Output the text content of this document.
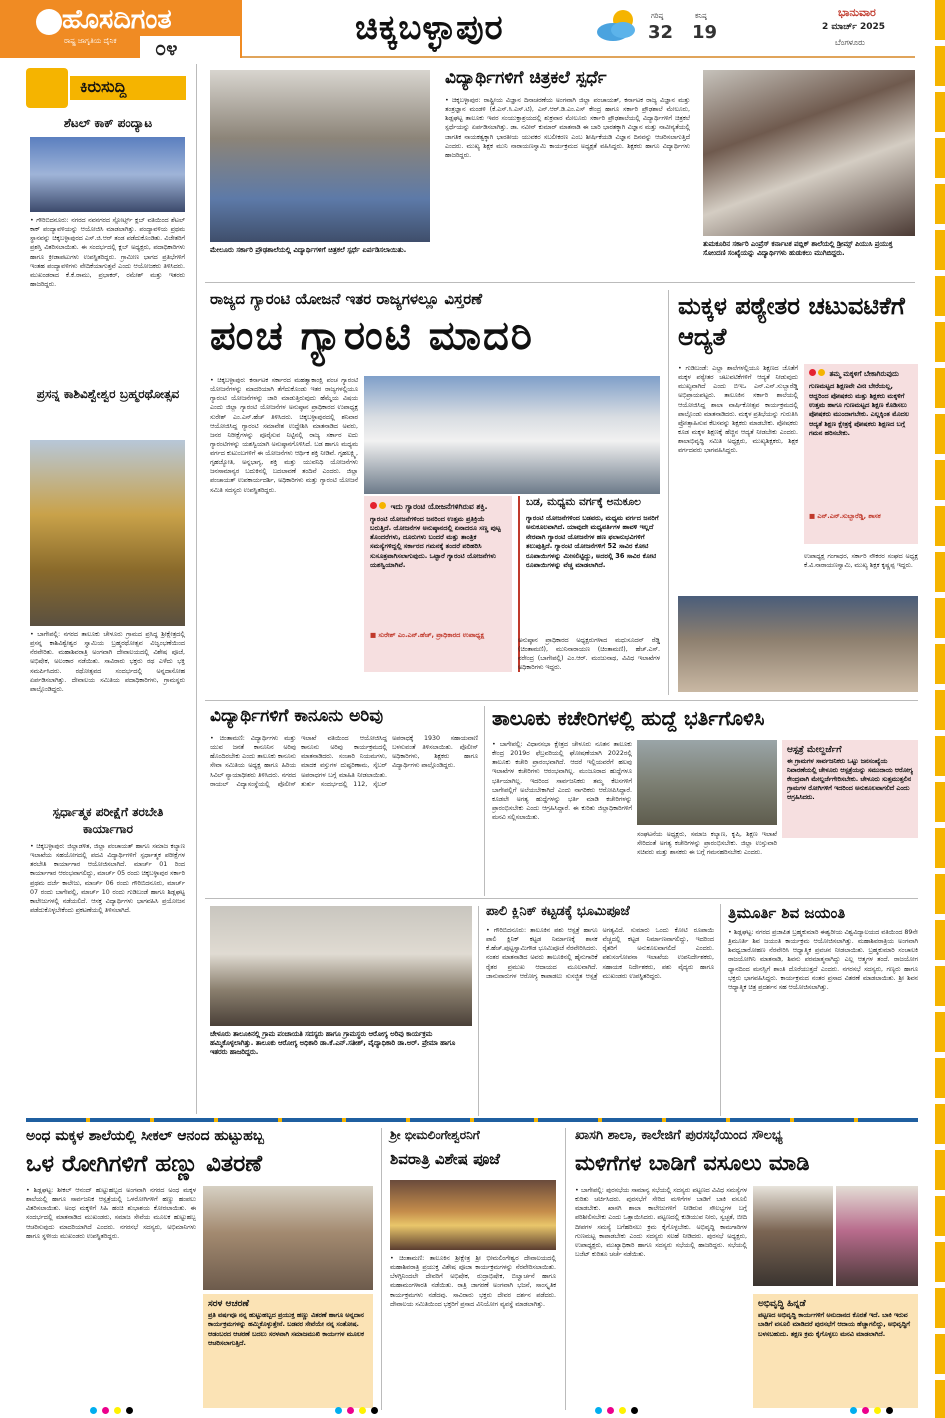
ಹೊಸದಿಗಂತ
ರಾಷ್ಟ್ರ ಜಾಗೃತಿಯ ದೈನಿಕ ೦೪	ಚಿಕ್ಕಬಳ್ಳಾಪುರ	ಗರಿಷ್ಠ
32
ಕನಿಷ್ಠ
19
ಭಾನುವಾರ
2 ಮಾರ್ಚ್ 2025
ಬೆಂಗಳೂರು
ಕಿರುಸುದ್ದಿ
ಶೆಟಲ್ ಕಾಕ್ ಪಂದ್ಯಾಟ
• ಗೌರಿಬಿದನೂರು: ನಗರದ ನವನಗರದ ಸ್ಪೋರ್ಟ್ಸ್ ಕ್ಲಬ್ ವತಿಯಿಂದ ಶೆಟಲ್ ಕಾಕ್ ಪಂದ್ಯಾವಳಿಯನ್ನು ಆಯೋಜಿಸಿ ಮಾಡಲಾಗಿತ್ತು. ಪಂದ್ಯಾವಳಿಯ ಪ್ರಥಮ ಸ್ಥಾನವನ್ನು ಚಿಕ್ಕಬಳ್ಳಾಪುರದ ಎಸ್.ಜಿ.ಆರ್ ತಂಡ ಪಡೆದುಕೊಂಡಿತು. ವಿಜೇತರಿಗೆ ಪ್ರಶಸ್ತಿ ವಿತರಿಸಲಾಯಿತು. ಈ ಸಂದರ್ಭದಲ್ಲಿ ಕ್ಲಬ್ ಅಧ್ಯಕ್ಷರು, ಪದಾಧಿಕಾರಿಗಳು ಹಾಗೂ ಕ್ರೀಡಾಪಟುಗಳು ಉಪಸ್ಥಿತರಿದ್ದರು. ಗ್ರಾಮೀಣ ಭಾಗದ ಪ್ರತಿಭೆಗಳಿಗೆ ಇಂತಹ ಪಂದ್ಯಾವಳಿಗಳು ವೇದಿಕೆಯಾಗುತ್ತವೆ ಎಂದು ಆಯೋಜಕರು ತಿಳಿಸಿದರು. ಮುಖಂಡರಾದ ಕೆ.ಕೆ.ರಾಮು, ಪ್ರಭಾಕರ್, ರಮೇಶ್ ಮತ್ತು ಇತರರು ಹಾಜರಿದ್ದರು.
ಪ್ರಸನ್ನ ಕಾಶಿವಿಶ್ವೇಶ್ವರ ಬ್ರಹ್ಮರಥೋತ್ಸವ
• ಬಾಗೇಪಲ್ಲಿ: ನಗರದ ತಾಲೂಕು ಚೇಳೂರು ಗ್ರಾಮದ ಪ್ರಸಿದ್ಧ ಶ್ರೀಕ್ಷೇತ್ರದಲ್ಲಿ ಪ್ರಸನ್ನ ಕಾಶಿವಿಶ್ವೇಶ್ವರ ಸ್ವಾಮಿಯ ಬ್ರಹ್ಮರಥೋತ್ಸವ ವಿಜೃಂಭಣೆಯಿಂದ ನೆರವೇರಿತು. ಮಹಾಶಿವರಾತ್ರಿ ಅಂಗವಾಗಿ ದೇವಾಲಯದಲ್ಲಿ ವಿಶೇಷ ಪೂಜೆ, ಅಭಿಷೇಕ, ಅಲಂಕಾರ ನಡೆಯಿತು. ಸಾವಿರಾರು ಭಕ್ತರು ರಥ ಎಳೆದು ಭಕ್ತಿ ಸಮರ್ಪಿಸಿದರು. ರಥೋತ್ಸವದ ಸಂದರ್ಭದಲ್ಲಿ ಅನ್ನದಾಸೋಹ ಏರ್ಪಡಿಸಲಾಗಿತ್ತು. ದೇವಾಲಯ ಸಮಿತಿಯ ಪದಾಧಿಕಾರಿಗಳು, ಗ್ರಾಮಸ್ಥರು ಪಾಲ್ಗೊಂಡಿದ್ದರು.
ಸ್ಪರ್ಧಾತ್ಮಕ ಪರೀಕ್ಷೆಗೆ ತರಬೇತಿ ಕಾರ್ಯಾಗಾರ
• ಚಿಕ್ಕಬಳ್ಳಾಪುರ: ಜಿಲ್ಲಾಡಳಿತ, ಜಿಲ್ಲಾ ಪಂಚಾಯತ್ ಹಾಗೂ ಸಮಾಜ ಕಲ್ಯಾಣ ಇಲಾಖೆಯ ಸಹಯೋಗದಲ್ಲಿ ಪದವಿ ವಿದ್ಯಾರ್ಥಿಗಳಿಗೆ ಸ್ಪರ್ಧಾತ್ಮಕ ಪರೀಕ್ಷೆಗಳ ತರಬೇತಿ ಕಾರ್ಯಾಗಾರ ಆಯೋಜಿಸಲಾಗಿದೆ. ಮಾರ್ಚ್ 01 ರಿಂದ ಕಾರ್ಯಾಗಾರ ಆರಂಭವಾಗಲಿದ್ದು, ಮಾರ್ಚ್ 05 ರಂದು ಚಿಕ್ಕಬಳ್ಳಾಪುರ ಸರ್ಕಾರಿ ಪ್ರಥಮ ದರ್ಜೆ ಕಾಲೇಜು, ಮಾರ್ಚ್ 06 ರಂದು ಗೌರಿಬಿದನೂರು, ಮಾರ್ಚ್ 07 ರಂದು ಬಾಗೇಪಲ್ಲಿ, ಮಾರ್ಚ್ 10 ರಂದು ಗುಡಿಬಂಡೆ ಹಾಗೂ ಶಿಡ್ಲಘಟ್ಟ ಕಾಲೇಜುಗಳಲ್ಲಿ ನಡೆಯಲಿದೆ. ಆಸಕ್ತ ವಿದ್ಯಾರ್ಥಿಗಳು ಭಾಗವಹಿಸಿ ಪ್ರಯೋಜನ ಪಡೆದುಕೊಳ್ಳಬೇಕೆಂದು ಪ್ರಕಟಣೆಯಲ್ಲಿ ತಿಳಿಸಲಾಗಿದೆ.
ಮೇಲೂರು ಸರ್ಕಾರಿ ಪ್ರೌಢಶಾಲೆಯಲ್ಲಿ ವಿದ್ಯಾರ್ಥಿಗಳಿಗೆ ಚಿತ್ರಕಲೆ ಸ್ಪರ್ಧೆ ಏರ್ಪಡಿಸಲಾಯಿತು.
ವಿದ್ಯಾರ್ಥಿಗಳಿಗೆ ಚಿತ್ರಕಲೆ ಸ್ಪರ್ಧೆ
• ಚಿಕ್ಕಬಳ್ಳಾಪುರ: ರಾಷ್ಟ್ರೀಯ ವಿಜ್ಞಾನ ದಿನಾಚರಣೆಯ ಅಂಗವಾಗಿ ಜಿಲ್ಲಾ ಪಂಚಾಯತ್, ಕರ್ನಾಟಕ ರಾಜ್ಯ ವಿಜ್ಞಾನ ಮತ್ತು ತಂತ್ರಜ್ಞಾನ ಮಂಡಳಿ (ಕೆ.ಎಸ್.ಸಿ.ಎಸ್.ಟಿ), ಎನ್.ಆರ್.ಡಿ.ಎಂ.ಎಸ್ ಕೇಂದ್ರ ಹಾಗೂ ಸರ್ಕಾರಿ ಪ್ರೌಢಶಾಲೆ ಮೇಲೂರು, ಶಿಡ್ಲಘಟ್ಟ ತಾಲೂಕು ಇವರ ಸಂಯುಕ್ತಾಶ್ರಯದಲ್ಲಿ ಶುಕ್ರವಾರ ಮೇಲೂರು ಸರ್ಕಾರಿ ಪ್ರೌಢಶಾಲೆಯಲ್ಲಿ ವಿದ್ಯಾರ್ಥಿಗಳಿಗೆ ಚಿತ್ರಕಲೆ ಸ್ಪರ್ಧೆಯನ್ನು ಏರ್ಪಡಿಸಲಾಗಿತ್ತು. ಡಾ. ನವೀನ್ ಕುಮಾರ್ ಮಾತನಾಡಿ ಈ ಬಾರಿ ಭಾರತಕ್ಕಾಗಿ ವಿಜ್ಞಾನ ಮತ್ತು ನಾವೀನ್ಯತೆಯಲ್ಲಿ ಜಾಗತಿಕ ನಾಯಕತ್ವಕ್ಕಾಗಿ ಭಾರತೀಯ ಯುವಕರ ಸಬಲೀಕರಣ ಎಂಬ ಶೀರ್ಷಿಕೆಯಡಿ ವಿಜ್ಞಾನ ದಿನವನ್ನು ಆಚರಿಸಲಾಗುತ್ತಿದೆ ಎಂದರು. ಮುಖ್ಯ ಶಿಕ್ಷಕ ಮುನಿ ನಾರಾಯಣಸ್ವಾಮಿ ಕಾರ್ಯಕ್ರಮದ ಅಧ್ಯಕ್ಷತೆ ವಹಿಸಿದ್ದರು. ಶಿಕ್ಷಕರು ಹಾಗೂ ವಿದ್ಯಾರ್ಥಿಗಳು ಹಾಜರಿದ್ದರು.
ತುಮಕೂರಿನ ಸರ್ಕಾರಿ ಎಂಪ್ರೆಸ್ ಕರ್ನಾಟಕ ಪಬ್ಲಿಕ್ ಶಾಲೆಯಲ್ಲಿ ಡ್ರೀಮ್ಸ್ ಪಿಯುಸಿ ಪ್ರಯುಕ್ತ ಸೋಂದಣಿ ಸಂಖ್ಯೆಯನ್ನು ವಿದ್ಯಾರ್ಥಿಗಳು ಹುಡುಕಲು ಮುಗಿಬಿದ್ದರು.
ರಾಜ್ಯದ ಗ್ಯಾರಂಟಿ ಯೋಜನೆ ಇತರ ರಾಜ್ಯಗಳಲ್ಲೂ ವಿಸ್ತರಣೆ
ಪಂಚ ಗ್ಯಾರಂಟಿ ಮಾದರಿ
• ಚಿಕ್ಕಬಳ್ಳಾಪುರ: ಕರ್ನಾಟಕ ಸರ್ಕಾರದ ಮಹತ್ವಾಕಾಂಕ್ಷಿ ಪಂಚ ಗ್ಯಾರಂಟಿ ಯೋಜನೆಗಳನ್ನು ಮಾದರಿಯಾಗಿ ತೆಗೆದುಕೊಂಡು ಇತರ ರಾಜ್ಯಗಳಲ್ಲಿಯೂ ಗ್ಯಾರಂಟಿ ಯೋಜನೆಗಳನ್ನು ಜಾರಿ ಮಾಡುತ್ತಿರುವುದು ಹೆಮ್ಮೆಯ ವಿಷಯ ಎಂದು ಜಿಲ್ಲಾ ಗ್ಯಾರಂಟಿ ಯೋಜನೆಗಳ ಅನುಷ್ಠಾನ ಪ್ರಾಧಿಕಾರದ ಉಪಾಧ್ಯಕ್ಷ ಸುರೇಶ್ ಎಂ.ಎನ್.ಹೆಚ್ ತಿಳಿಸಿದರು. ಚಿಕ್ಕಬಳ್ಳಾಪುರದಲ್ಲಿ ಶನಿವಾರ ಆಯೋಜಿಸಿದ್ದ ಗ್ಯಾರಂಟಿ ಸಮಾವೇಶ ಉದ್ದೇಶಿಸಿ ಮಾತನಾಡಿದ ಅವರು, ಜನರ ನಿರೀಕ್ಷೆಗಳನ್ನು ಪೂರೈಸುವ ನಿಟ್ಟಿನಲ್ಲಿ ರಾಜ್ಯ ಸರ್ಕಾರ ಐದು ಗ್ಯಾರಂಟಿಗಳನ್ನು ಯಶಸ್ವಿಯಾಗಿ ಅನುಷ್ಠಾನಗೊಳಿಸಿದೆ. ಬಡ ಹಾಗೂ ಮಧ್ಯಮ ವರ್ಗದ ಕುಟುಂಬಗಳಿಗೆ ಈ ಯೋಜನೆಗಳು ಆರ್ಥಿಕ ಶಕ್ತಿ ನೀಡಿವೆ. ಗೃಹಲಕ್ಷ್ಮಿ, ಗೃಹಜ್ಯೋತಿ, ಅನ್ನಭಾಗ್ಯ, ಶಕ್ತಿ ಮತ್ತು ಯುವನಿಧಿ ಯೋಜನೆಗಳು ಜನಸಾಮಾನ್ಯರ ಬದುಕಿನಲ್ಲಿ ಬದಲಾವಣೆ ತಂದಿವೆ ಎಂದರು. ಜಿಲ್ಲಾ ಪಂಚಾಯತ್ ಉಪಕಾರ್ಯದರ್ಶಿ, ಅಧಿಕಾರಿಗಳು ಮತ್ತು ಗ್ಯಾರಂಟಿ ಯೋಜನೆ ಸಮಿತಿ ಸದಸ್ಯರು ಉಪಸ್ಥಿತರಿದ್ದರು.
ಇದು ಗ್ಯಾರಂಟಿ ಯೋಜನೆಗಳಿಗಿರುವ ಶಕ್ತಿ.
ಗ್ಯಾರಂಟಿ ಯೋಜನೆಗಳಿಂದ ಜನರಿಂದ ಉತ್ತಮ ಪ್ರತಿಕ್ರಿಯೆ ಬರುತ್ತಿದೆ. ಯೋಜನೆಗಳ ಅನುಷ್ಠಾನದಲ್ಲಿ ಏನಾದರೂ ಸಣ್ಣ ಪುಟ್ಟ ತೊಂದರೆಗಳು, ದೂರುಗಳು ಬಂದರೆ ಮತ್ತು ತಾಂತ್ರಿಕ ಸಮಸ್ಯೆಗಳಿದ್ದಲ್ಲಿ ಸರ್ಕಾರದ ಗಮನಕ್ಕೆ ತಂದರೆ ಪರಿಹರಿಸಿ ಸುಸೂತ್ರವಾಗಿಸಲಾಗುವುದು. ಒಟ್ಟಾರೆ ಗ್ಯಾರಂಟಿ ಯೋಜನೆಗಳು ಯಶಸ್ವಿಯಾಗಿವೆ.
■ ಸುರೇಶ್ ಎಂ.ಎನ್.ಹೆಚ್, ಪ್ರಾಧಿಕಾರದ ಉಪಾಧ್ಯಕ್ಷ
ಬಡ, ಮಧ್ಯಮ ವರ್ಗಕ್ಕೆ ಅನುಕೂಲ
ಗ್ಯಾರಂಟಿ ಯೋಜನೆಗಳಿಂದ ಬಡವರು, ಮಧ್ಯಮ ವರ್ಗದ ಜನರಿಗೆ ಅನುಕೂಲವಾಗಿದೆ. ಯಾವುದೇ ಮಧ್ಯವರ್ತಿಗಳ ಹಾವಳಿ ಇಲ್ಲದೆ ನೇರವಾಗಿ ಗ್ಯಾರಂಟಿ ಯೋಜನೆಗಳ ಹಣ ಫಲಾನುಭವಿಗಳಿಗೆ ತಲುಪುತ್ತಿದೆ. ಗ್ಯಾರಂಟಿ ಯೋಜನೆಗಳಿಗೆ 52 ಸಾವಿರ ಕೋಟಿ ರೂಪಾಯಿಗಳನ್ನು ಮೀಸಲಿಟ್ಟಿದ್ದು, ಅದರಲ್ಲಿ 36 ಸಾವಿರ ಕೋಟಿ ರೂಪಾಯಿಗಳನ್ನು ವೆಚ್ಚ ಮಾಡಲಾಗಿದೆ.
ಅನುಷ್ಠಾನ ಪ್ರಾಧಿಕಾರದ ಅಧ್ಯಕ್ಷರುಗಳಾದ ಮಧುಸೂದನ್ ರೆಡ್ಡಿ (ಚಿಂತಾಮಣಿ), ಮುನಿನಾರಾಯಣ (ಚಿಂತಾಮಣಿ), ಹೆಚ್.ಎಸ್. ನರೇಂದ್ರ (ಬಾಗೇಪಲ್ಲಿ) ಎಂ.ಆರ್. ಮಂಜುನಾಥ, ವಿವಿಧ ಇಲಾಖೆಗಳ ಅಧಿಕಾರಿಗಳು ಇದ್ದರು.
ಮಕ್ಕಳ ಪಠ್ಯೇತರ ಚಟುವಟಿಕೆಗೆ ಆದ್ಯತೆ
• ಗುಡಿಬಂಡೆ: ಎಲ್ಲಾ ಶಾಲೆಗಳಲ್ಲಿಯೂ ಶಿಕ್ಷಣದ ಜೊತೆಗೆ ಮಕ್ಕಳ ಪಠ್ಯೇತರ ಚಟುವಟಿಕೆಗಳಿಗೆ ಆದ್ಯತೆ ನೀಡುವುದು ಮುಖ್ಯವಾಗಿದೆ ಎಂದು ಬಿಇಒ ಎನ್.ಎನ್.ಸುಬ್ಬಾರೆಡ್ಡಿ ಅಭಿಪ್ರಾಯಪಟ್ಟರು. ತಾಲೂಕಿನ ಸರ್ಕಾರಿ ಶಾಲೆಯಲ್ಲಿ ಆಯೋಜಿಸಿದ್ದ ಶಾಲಾ ವಾರ್ಷಿಕೋತ್ಸವ ಕಾರ್ಯಕ್ರಮದಲ್ಲಿ ಪಾಲ್ಗೊಂಡು ಮಾತನಾಡಿದರು. ಮಕ್ಕಳ ಪ್ರತಿಭೆಯನ್ನು ಗುರುತಿಸಿ ಪ್ರೋತ್ಸಾಹಿಸುವ ಕೆಲಸವನ್ನು ಶಿಕ್ಷಕರು ಮಾಡಬೇಕು. ಪೋಷಕರು ಕೂಡ ಮಕ್ಕಳ ಶಿಕ್ಷಣಕ್ಕೆ ಹೆಚ್ಚಿನ ಆದ್ಯತೆ ನೀಡಬೇಕು ಎಂದರು. ಶಾಲಾಭಿವೃದ್ಧಿ ಸಮಿತಿ ಅಧ್ಯಕ್ಷರು, ಮುಖ್ಯಶಿಕ್ಷಕರು, ಶಿಕ್ಷಕ ವರ್ಗದವರು ಭಾಗವಹಿಸಿದ್ದರು.
ತಮ್ಮ ಮಕ್ಕಳಿಗೆ ಬೇಕಾಗಿರುವುದು
ಗುಣಮಟ್ಟದ ಶಿಕ್ಷಣವೇ ವಿನಃ ಬೇರೆಯಲ್ಲ, ಆದ್ದರಿಂದ ಪೋಷಕರು ಮತ್ತು ಶಿಕ್ಷಕರು ಮಕ್ಕಳಿಗೆ ಉತ್ತಮ ಹಾಗೂ ಗುಣಮಟ್ಟದ ಶಿಕ್ಷಣ ಕೊಡಿಸಲು ಪೋಷಕರು ಮುಂದಾಗಬೇಕು. ಎಲ್ಲಕ್ಕಿಂತ ಮೊದಲ ಆದ್ಯತೆ ಶಿಕ್ಷಣ ಕ್ಷೇತ್ರಕ್ಕೆ ಪೋಷಕರು ಶಿಕ್ಷಣದ ಬಗ್ಗೆ ಗಮನ ಹರಿಸಬೇಕು.
■ ಎನ್.ಎನ್.ಸುಬ್ಬಾರೆಡ್ಡಿ, ಶಾಸಕ
ಉಪಾಧ್ಯಕ್ಷ ಗಂಗಾಧರ, ಸರ್ಕಾರಿ ನೌಕರರ ಸಂಘದ ಅಧ್ಯಕ್ಷ ಕೆ.ವಿ.ನಾರಾಯಣಸ್ವಾಮಿ, ಮುಖ್ಯ ಶಿಕ್ಷಕ ಕೃಷ್ಣಪ್ಪ ಇದ್ದರು.
ವಿದ್ಯಾರ್ಥಿಗಳಿಗೆ ಕಾನೂನು ಅರಿವು
• ಚಿಂತಾಮಣಿ: ವಿದ್ಯಾರ್ಥಿಗಳು ಮತ್ತು ಯುವ ಜನತೆ ಕಾನೂನಿನ ಅರಿವು ಹೊಂದಿರಬೇಕು ಎಂದು ತಾಲೂಕು ಕಾನೂನು ಸೇವಾ ಸಮಿತಿಯ ಅಧ್ಯಕ್ಷ ಹಾಗೂ ಹಿರಿಯ ಸಿವಿಲ್ ನ್ಯಾಯಾಧೀಶರು ತಿಳಿಸಿದರು. ನಗರದ ರಾಯಲ್ ವಿದ್ಯಾಸಂಸ್ಥೆಯಲ್ಲಿ ಪೊಲೀಸ್ ಇಲಾಖೆ ವತಿಯಿಂದ ಆಯೋಜಿಸಿದ್ದ ಕಾನೂನು ಅರಿವು ಕಾರ್ಯಕ್ರಮದಲ್ಲಿ ಮಾತನಾಡಿದರು. ಸಂಚಾರಿ ನಿಯಮಗಳು, ಮಾದಕ ವಸ್ತುಗಳ ದುಷ್ಪರಿಣಾಮ, ಸೈಬರ್ ಅಪರಾಧಗಳ ಬಗ್ಗೆ ಮಾಹಿತಿ ನೀಡಲಾಯಿತು. ತುರ್ತು ಸಂದರ್ಭದಲ್ಲಿ 112, ಸೈಬರ್ ಅಪರಾಧಕ್ಕೆ 1930 ಸಹಾಯವಾಣಿ ಬಳಸುವಂತೆ ತಿಳಿಸಲಾಯಿತು. ಪೊಲೀಸ್ ಅಧಿಕಾರಿಗಳು, ಶಿಕ್ಷಕರು ಹಾಗೂ ವಿದ್ಯಾರ್ಥಿಗಳು ಪಾಲ್ಗೊಂಡಿದ್ದರು.
ತಾಲೂಕು ಕಚೇರಿಗಳಲ್ಲಿ ಹುದ್ದೆ ಭರ್ತಿಗೊಳಿಸಿ
• ಬಾಗೇಪಲ್ಲಿ: ವಿಧಾನಸಭಾ ಕ್ಷೇತ್ರದ ಚೇಳೂರು ನೂತನ ತಾಲೂಕು ಕೇಂದ್ರ 2019ರ ಫೆಬ್ರವರಿಯಲ್ಲಿ ಘೋಷಣೆಯಾಗಿ 2022ರಲ್ಲಿ ತಾಲೂಕು ಕಚೇರಿ ಪ್ರಾರಂಭವಾಗಿದೆ. ಆದರೆ ಇಲ್ಲಿಯವರೆಗೆ ಹಲವು ಇಲಾಖೆಗಳ ಕಚೇರಿಗಳು ಆರಂಭವಾಗಿಲ್ಲ. ಮಂಜೂರಾದ ಹುದ್ದೆಗಳೂ ಭರ್ತಿಯಾಗಿಲ್ಲ. ಇದರಿಂದ ಸಾರ್ವಜನಿಕರು ತಮ್ಮ ಕೆಲಸಗಳಿಗೆ ಬಾಗೇಪಲ್ಲಿಗೆ ಅಲೆಯಬೇಕಾಗಿದೆ ಎಂದು ನಾಗರಿಕರು ಆರೋಪಿಸಿದ್ದಾರೆ. ಕೂಡಲೇ ಅಗತ್ಯ ಹುದ್ದೆಗಳನ್ನು ಭರ್ತಿ ಮಾಡಿ ಕಚೇರಿಗಳನ್ನು ಪ್ರಾರಂಭಿಸಬೇಕು ಎಂದು ಆಗ್ರಹಿಸಿದ್ದಾರೆ. ಈ ಕುರಿತು ಜಿಲ್ಲಾಧಿಕಾರಿಗಳಿಗೆ ಮನವಿ ಸಲ್ಲಿಸಲಾಯಿತು.
ಸಂಘಟನೆಯ ಅಧ್ಯಕ್ಷರು, ಸಮಾಜ ಕಲ್ಯಾಣ, ಕೃಷಿ, ಶಿಕ್ಷಣ ಇಲಾಖೆ ಸೇರಿದಂತೆ ಅಗತ್ಯ ಕಚೇರಿಗಳನ್ನು ಪ್ರಾರಂಭಿಸಬೇಕು. ಜಿಲ್ಲಾ ಉಸ್ತುವಾರಿ ಸಚಿವರು ಮತ್ತು ಶಾಸಕರು ಈ ಬಗ್ಗೆ ಗಮನಹರಿಸಬೇಕು ಎಂದರು.
ಆಸ್ಪತ್ರೆ ಮೇಲ್ದರ್ಜೆಗೆ
ಈ ಗ್ರಾಮಗಳ ಸಾರ್ವಜನಿಕರು ಒಟ್ಟು ಜನಸಂಖ್ಯೆಯ ನಿವಾರಣೆಯಲ್ಲಿ ಚೇಳೂರು ಆಸ್ಪತ್ರೆಯನ್ನು ಸಮುದಾಯ ಆರೋಗ್ಯ ಕೇಂದ್ರವಾಗಿ ಮೇಲ್ದರ್ಜೆಗೇರಿಸಬೇಕು. ಚೇಳೂರು ಸುತ್ತಮುತ್ತಲಿನ ಗ್ರಾಮಗಳ ರೋಗಿಗಳಿಗೆ ಇದರಿಂದ ಅನುಕೂಲವಾಗಲಿದೆ ಎಂದು ಆಗ್ರಹಿಸಿದರು.
ಚೇಳೂರು ತಾಲೂಕಿನಲ್ಲಿ ಗ್ರಾಮ ಪಂಚಾಯತಿ ಸದಸ್ಯರು ಹಾಗೂ ಗ್ರಾಮಸ್ಥರು ಆರೋಗ್ಯ ಅರಿವು ಕಾರ್ಯಕ್ರಮ ಹಮ್ಮಿಕೊಳ್ಳಲಾಗಿತ್ತು. ತಾಲೂಕು ಆರೋಗ್ಯ ಅಧಿಕಾರಿ ಡಾ.ಕೆ.ಎನ್.ಸತೀಶ್, ವೈದ್ಯಾಧಿಕಾರಿ ಡಾ.ಅರ್. ಪ್ರೇಮಾ ಹಾಗೂ ಇತರರು ಹಾಜರಿದ್ದರು.
ಪಾಲಿ ಕ್ಲಿನಿಕ್ ಕಟ್ಟಡಕ್ಕೆ ಭೂಮಿಪೂಜೆ
• ಗೌರಿಬಿದನೂರು: ತಾಲೂಕಿನ ಪಶು ಆಸ್ಪತ್ರೆ ಹಾಗೂ ಪಾಲಿ ಕ್ಲಿನಿಕ್ ಕಟ್ಟಡ ನಿರ್ಮಾಣಕ್ಕೆ ಶಾಸಕ ಕೆ.ಹೆಚ್.ಪುಟ್ಟಸ್ವಾಮಿಗೌಡ ಭೂಮಿಪೂಜೆ ನೆರವೇರಿಸಿದರು. ನಂತರ ಮಾತನಾಡಿದ ಅವರು ತಾಲೂಕಿನಲ್ಲಿ ಹೈನುಗಾರಿಕೆ ರೈತರ ಪ್ರಮುಖ ಆದಾಯದ ಮೂಲವಾಗಿದೆ. ಜಾನುವಾರುಗಳ ಆರೋಗ್ಯ ಕಾಪಾಡಲು ಸುಸಜ್ಜಿತ ಆಸ್ಪತ್ರೆ ಅಗತ್ಯವಿದೆ. ಸುಮಾರು ಒಂದು ಕೋಟಿ ರೂಪಾಯಿ ವೆಚ್ಚದಲ್ಲಿ ಕಟ್ಟಡ ನಿರ್ಮಾಣವಾಗಲಿದ್ದು, ಇದರಿಂದ ರೈತರಿಗೆ ಅನುಕೂಲವಾಗಲಿದೆ ಎಂದರು. ಪಶುಸಂಗೋಪನಾ ಇಲಾಖೆಯ ಉಪನಿರ್ದೇಶಕರು, ಸಹಾಯಕ ನಿರ್ದೇಶಕರು, ಪಶು ವೈದ್ಯರು ಹಾಗೂ ಮುಖಂಡರು ಉಪಸ್ಥಿತರಿದ್ದರು.
ತ್ರಿಮೂರ್ತಿ ಶಿವ ಜಯಂತಿ
• ಶಿಡ್ಲಘಟ್ಟ: ನಗರದ ಪ್ರಜಾಪಿತ ಬ್ರಹ್ಮಕುಮಾರಿ ಈಶ್ವರೀಯ ವಿಶ್ವವಿದ್ಯಾಲಯದ ವತಿಯಿಂದ 89ನೇ ತ್ರಿಮೂರ್ತಿ ಶಿವ ಜಯಂತಿ ಕಾರ್ಯಕ್ರಮ ಆಯೋಜಿಸಲಾಗಿತ್ತು. ಮಹಾಶಿವರಾತ್ರಿಯ ಅಂಗವಾಗಿ ಶಿವಧ್ವಜಾರೋಹಣ ನೆರವೇರಿಸಿ ಆಧ್ಯಾತ್ಮಿಕ ಪ್ರವಚನ ನೀಡಲಾಯಿತು. ಬ್ರಹ್ಮಕುಮಾರಿ ಸಂಚಾಲಕಿ ರಾಜಯೋಗಿನಿ ಮಾತನಾಡಿ, ಶಿವನು ಪರಮಾತ್ಮನಾಗಿದ್ದು ಎಲ್ಲ ಆತ್ಮಗಳ ತಂದೆ. ರಾಜಯೋಗ ಧ್ಯಾನದಿಂದ ಮನಸ್ಸಿಗೆ ಶಾಂತಿ ದೊರೆಯುತ್ತದೆ ಎಂದರು. ನಗರಸಭೆ ಸದಸ್ಯರು, ಗಣ್ಯರು ಹಾಗೂ ಭಕ್ತರು ಭಾಗವಹಿಸಿದ್ದರು. ಕಾರ್ಯಕ್ರಮದ ನಂತರ ಪ್ರಸಾದ ವಿತರಣೆ ಮಾಡಲಾಯಿತು. ಶ್ರೀ ಶಿವನ ಆಧ್ಯಾತ್ಮಿಕ ಚಿತ್ರ ಪ್ರದರ್ಶನ ಸಹ ಆಯೋಜಿಸಲಾಗಿತ್ತು.
ಅಂಧ ಮಕ್ಕಳ ಶಾಲೆಯಲ್ಲಿ ಸೀಕಲ್ ಆನಂದ ಹುಟ್ಟುಹಬ್ಬ
ಒಳ ರೋಗಿಗಳಿಗೆ ಹಣ್ಣು ವಿತರಣೆ
• ಶಿಡ್ಲಘಟ್ಟ: ಶೀಕಲ್ ಆನಂದ್ ಹುಟ್ಟುಹಬ್ಬದ ಅಂಗವಾಗಿ ನಗರದ ಅಂಧ ಮಕ್ಕಳ ಶಾಲೆಯಲ್ಲಿ ಹಾಗೂ ಸಾರ್ವಜನಿಕ ಆಸ್ಪತ್ರೆಯಲ್ಲಿ ಒಳರೋಗಿಗಳಿಗೆ ಹಣ್ಣು ಹಂಪಲು ವಿತರಿಸಲಾಯಿತು. ಅಂಧ ಮಕ್ಕಳಿಗೆ ಸಿಹಿ ಹಂಚಿ ಶುಭಾಶಯ ಕೋರಲಾಯಿತು. ಈ ಸಂದರ್ಭದಲ್ಲಿ ಮಾತನಾಡಿದ ಮುಖಂಡರು, ಸಮಾಜ ಸೇವೆಯ ಮೂಲಕ ಹುಟ್ಟುಹಬ್ಬ ಆಚರಿಸುವುದು ಮಾದರಿಯಾಗಿದೆ ಎಂದರು. ನಗರಸಭೆ ಸದಸ್ಯರು, ಅಭಿಮಾನಿಗಳು ಹಾಗೂ ಸ್ಥಳೀಯ ಮುಖಂಡರು ಉಪಸ್ಥಿತರಿದ್ದರು.
ಸರಳ ಆಚರಣೆ
ಪ್ರತಿ ವರ್ಷವೂ ನನ್ನ ಹುಟ್ಟುಹಬ್ಬದ ಪ್ರಯುಕ್ತ ಹಣ್ಣು ವಿತರಣೆ ಹಾಗೂ ಅನ್ನದಾನ ಕಾರ್ಯಕ್ರಮಗಳನ್ನು ಹಮ್ಮಿಕೊಳ್ಳುತ್ತೇನೆ. ಬಡವರ ಸೇವೆಯೇ ನನ್ನ ಸಂತೋಷ. ಆಡಂಬರದ ಆಚರಣೆ ಬದಲು ಸರಳವಾಗಿ ಸಮಾಜಮುಖಿ ಕಾರ್ಯಗಳ ಮೂಲಕ ಆಚರಿಸಲಾಗುತ್ತಿದೆ.
ಶ್ರೀ ಭೀಮಲಿಂಗೇಶ್ವರನಿಗೆ
ಶಿವರಾತ್ರಿ ವಿಶೇಷ ಪೂಜೆ
• ಚಿಂತಾಮಣಿ: ತಾಲೂಕಿನ ಶ್ರೀಕ್ಷೇತ್ರ ಶ್ರೀ ಭೀಮಲಿಂಗೇಶ್ವರ ದೇವಾಲಯದಲ್ಲಿ ಮಹಾಶಿವರಾತ್ರಿ ಪ್ರಯುಕ್ತ ವಿಶೇಷ ಪೂಜಾ ಕಾರ್ಯಕ್ರಮಗಳನ್ನು ನೆರವೇರಿಸಲಾಯಿತು. ಬೆಳಗ್ಗಿನಿಂದಲೇ ದೇವರಿಗೆ ಅಭಿಷೇಕ, ರುದ್ರಾಭಿಷೇಕ, ಬಿಲ್ವಾರ್ಚನೆ ಹಾಗೂ ಮಹಾಮಂಗಳಾರತಿ ನಡೆಯಿತು. ರಾತ್ರಿ ಜಾಗರಣೆ ಅಂಗವಾಗಿ ಭಜನೆ, ಸಾಂಸ್ಕೃತಿಕ ಕಾರ್ಯಕ್ರಮಗಳು ನಡೆದವು. ಸಾವಿರಾರು ಭಕ್ತರು ದೇವರ ದರ್ಶನ ಪಡೆದರು. ದೇವಾಲಯ ಸಮಿತಿಯಿಂದ ಭಕ್ತರಿಗೆ ಪ್ರಸಾದ ವಿನಿಯೋಗ ವ್ಯವಸ್ಥೆ ಮಾಡಲಾಗಿತ್ತು.
ಖಾಸಗಿ ಶಾಲಾ, ಕಾಲೇಜಿಗೆ ಪುರಸಭೆಯಿಂದ ಸೌಲಭ್ಯ
ಮಳಿಗೆಗಳ ಬಾಡಿಗೆ ವಸೂಲು ಮಾಡಿ
• ಬಾಗೇಪಲ್ಲಿ: ಪುರಸಭೆಯ ಸಾಮಾನ್ಯ ಸಭೆಯಲ್ಲಿ ಸದಸ್ಯರು ಪಟ್ಟಣದ ವಿವಿಧ ಸಮಸ್ಯೆಗಳ ಕುರಿತು ಚರ್ಚಿಸಿದರು. ಪುರಸಭೆಗೆ ಸೇರಿದ ಮಳಿಗೆಗಳ ಬಾಡಿಗೆ ಬಾಕಿ ವಸೂಲಿ ಮಾಡಬೇಕು. ಖಾಸಗಿ ಶಾಲಾ ಕಾಲೇಜುಗಳಿಗೆ ನೀಡಿರುವ ಸೌಲಭ್ಯಗಳ ಬಗ್ಗೆ ಪರಿಶೀಲಿಸಬೇಕು ಎಂದು ಒತ್ತಾಯಿಸಿದರು. ಪಟ್ಟಣದಲ್ಲಿ ಕುಡಿಯುವ ನೀರು, ಸ್ವಚ್ಛತೆ, ಬೀದಿ ದೀಪಗಳ ಸಮಸ್ಯೆ ಬಗೆಹರಿಸಲು ಕ್ರಮ ಕೈಗೊಳ್ಳಬೇಕು. ಅಭಿವೃದ್ಧಿ ಕಾಮಗಾರಿಗಳ ಗುಣಮಟ್ಟ ಕಾಪಾಡಬೇಕು ಎಂದು ಸದಸ್ಯರು ಸಲಹೆ ನೀಡಿದರು. ಪುರಸಭೆ ಅಧ್ಯಕ್ಷರು, ಉಪಾಧ್ಯಕ್ಷರು, ಮುಖ್ಯಾಧಿಕಾರಿ ಹಾಗೂ ಸದಸ್ಯರು ಸಭೆಯಲ್ಲಿ ಹಾಜರಿದ್ದರು. ಸಭೆಯಲ್ಲಿ ಬಜೆಟ್ ಕುರಿತೂ ಚರ್ಚೆ ನಡೆಯಿತು.
ಅಭಿವೃದ್ಧಿ ಹಿನ್ನಡೆ
ಪಟ್ಟಣದ ಅಭಿವೃದ್ಧಿ ಕಾರ್ಯಗಳಿಗೆ ಅನುದಾನದ ಕೊರತೆ ಇದೆ. ಬಾಕಿ ಇರುವ ಬಾಡಿಗೆ ವಸೂಲಿ ಮಾಡಿದರೆ ಪುರಸಭೆಗೆ ಆದಾಯ ಹೆಚ್ಚಾಗಲಿದ್ದು, ಅಭಿವೃದ್ಧಿಗೆ ಬಳಸಬಹುದು. ತಕ್ಷಣ ಕ್ರಮ ಕೈಗೊಳ್ಳಲು ಮನವಿ ಮಾಡಲಾಗಿದೆ.
